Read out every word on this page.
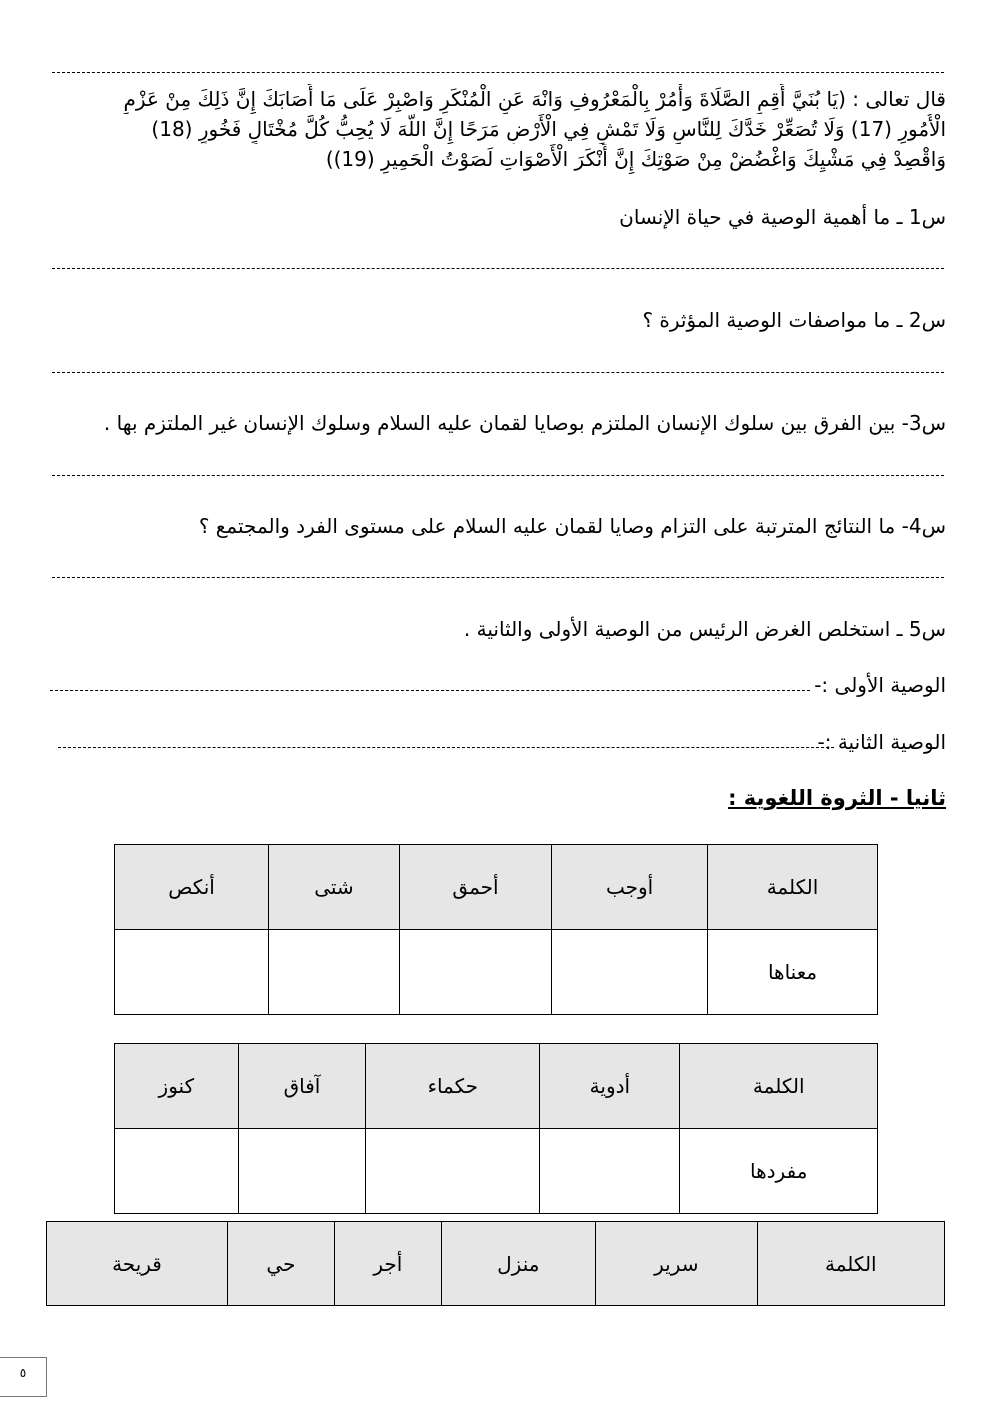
قال تعالى : (يَا بُنَيَّ أَقِمِ الصَّلَاةَ وَأْمُرْ بِالْمَعْرُوفِ وَانْهَ عَنِ الْمُنْكَرِ وَاصْبِرْ عَلَى مَا أَصَابَكَ إِنَّ ذَلِكَ مِنْ عَزْمِ
الْأُمُورِ (17) وَلَا تُصَعِّرْ خَدَّكَ لِلنَّاسِ وَلَا تَمْشِ فِي الْأَرْضِ مَرَحًا إِنَّ اللَّهَ لَا يُحِبُّ كُلَّ مُخْتَالٍ فَخُورٍ (18)
وَاقْصِدْ فِي مَشْيِكَ وَاغْضُضْ مِنْ صَوْتِكَ إِنَّ أَنْكَرَ الْأَصْوَاتِ لَصَوْتُ الْحَمِيرِ (19))
س1 ـ ما أهمية الوصية في حياة الإنسان
س2 ـ ما مواصفات الوصية المؤثرة ؟
س3- بين الفرق بين سلوك الإنسان الملتزم بوصايا لقمان عليه السلام وسلوك الإنسان غير الملتزم بها .
س4- ما النتائج المترتبة على التزام وصايا لقمان عليه السلام على مستوى الفرد والمجتمع ؟
س5 ـ استخلص الغرض الرئيس من الوصية الأولى والثانية .
الوصية الأولى :-
الوصية الثانية :-
ثانيا - الثروة اللغوية :
الكلمة	أوجب	أحمق	شتى	أنكص
معناها				
الكلمة	أدوية	حكماء	آفاق	كنوز
مفردها				
الكلمة	سرير	منزل	أجر	حي	قريحة
٥
